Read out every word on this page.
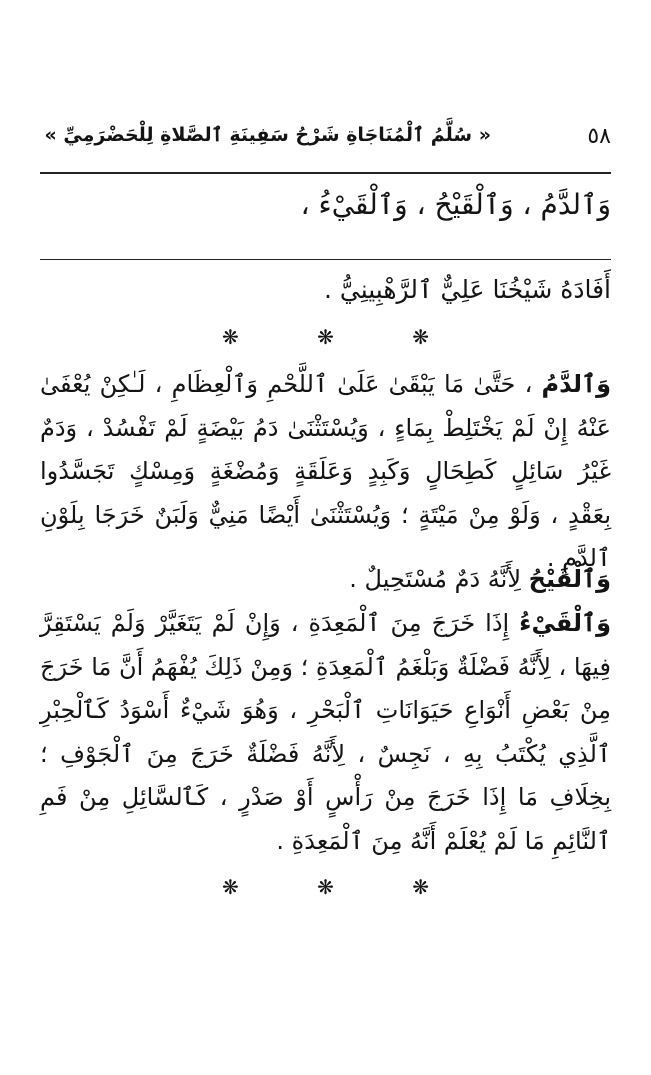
٥٨
« سُلَّمُ ٱلْمُنَاجَاةِ شَرْحُ سَفِينَةِ ٱلصَّلاةِ لِلْحَضْرَمِيِّ »
وَٱلدَّمُ ، وَٱلْقَيْحُ ، وَٱلْقَيْءُ ،
أَفَادَهُ شَيْخُنَا عَلِيٌّ ٱلرَّهْبِينِيُّ .
❋	❋	❋

وَٱلدَّمُ ، حَتَّىٰ مَا يَبْقَىٰ عَلَىٰ ٱللَّحْمِ وَٱلْعِظَامِ ، لَـٰكِنْ يُعْفَىٰ عَنْهُ إِنْ لَمْ يَخْتَلِطْ بِمَاءٍ ، وَيُسْتَثْنَىٰ دَمُ بَيْضَةٍ لَمْ تَفْسُدْ ، وَدَمٌ غَيْرُ سَائِلٍ كَطِحَالٍ وَكَبِدٍ وَعَلَقَةٍ وَمُضْغَةٍ وَمِسْكٍ تَجَسَّدُوا بِعَقْدٍ ، وَلَوْ مِنْ مَيْتَةٍ ؛ وَيُسْتَثْنَىٰ أَيْضًا مَنِيٌّ وَلَبَنٌ خَرَجَا بِلَوْنِ ٱلدَّمِ .

وَٱلْقَيْحُ لِأَنَّهُ دَمٌ مُسْتَحِيلٌ .

وَٱلْقَيْءُ إِذَا خَرَجَ مِنَ ٱلْمَعِدَةِ ، وَإِنْ لَمْ يَتَغَيَّرْ وَلَمْ يَسْتَقِرَّ فِيهَا ، لِأَنَّهُ فَضْلَةٌ وَبَلْغَمُ ٱلْمَعِدَةِ ؛ وَمِنْ ذَلِكَ يُفْهَمُ أَنَّ مَا خَرَجَ مِنْ بَعْضِ أَنْوَاعِ حَيَوَانَاتِ ٱلْبَحْرِ ، وَهُوَ شَيْءٌ أَسْوَدُ كَٱلْحِبْرِ ٱلَّذِي يُكْتَبُ بِهِ ، نَجِسٌ ، لِأَنَّهُ فَضْلَةٌ خَرَجَ مِنَ ٱلْجَوْفِ ؛ بِخِلَافِ مَا إِذَا خَرَجَ مِنْ رَأْسٍ أَوْ صَدْرٍ ، كَٱلسَّائِلِ مِنْ فَمِ ٱلنَّائِمِ مَا لَمْ يُعْلَمْ أَنَّهُ مِنَ ٱلْمَعِدَةِ .

❋	❋	❋
